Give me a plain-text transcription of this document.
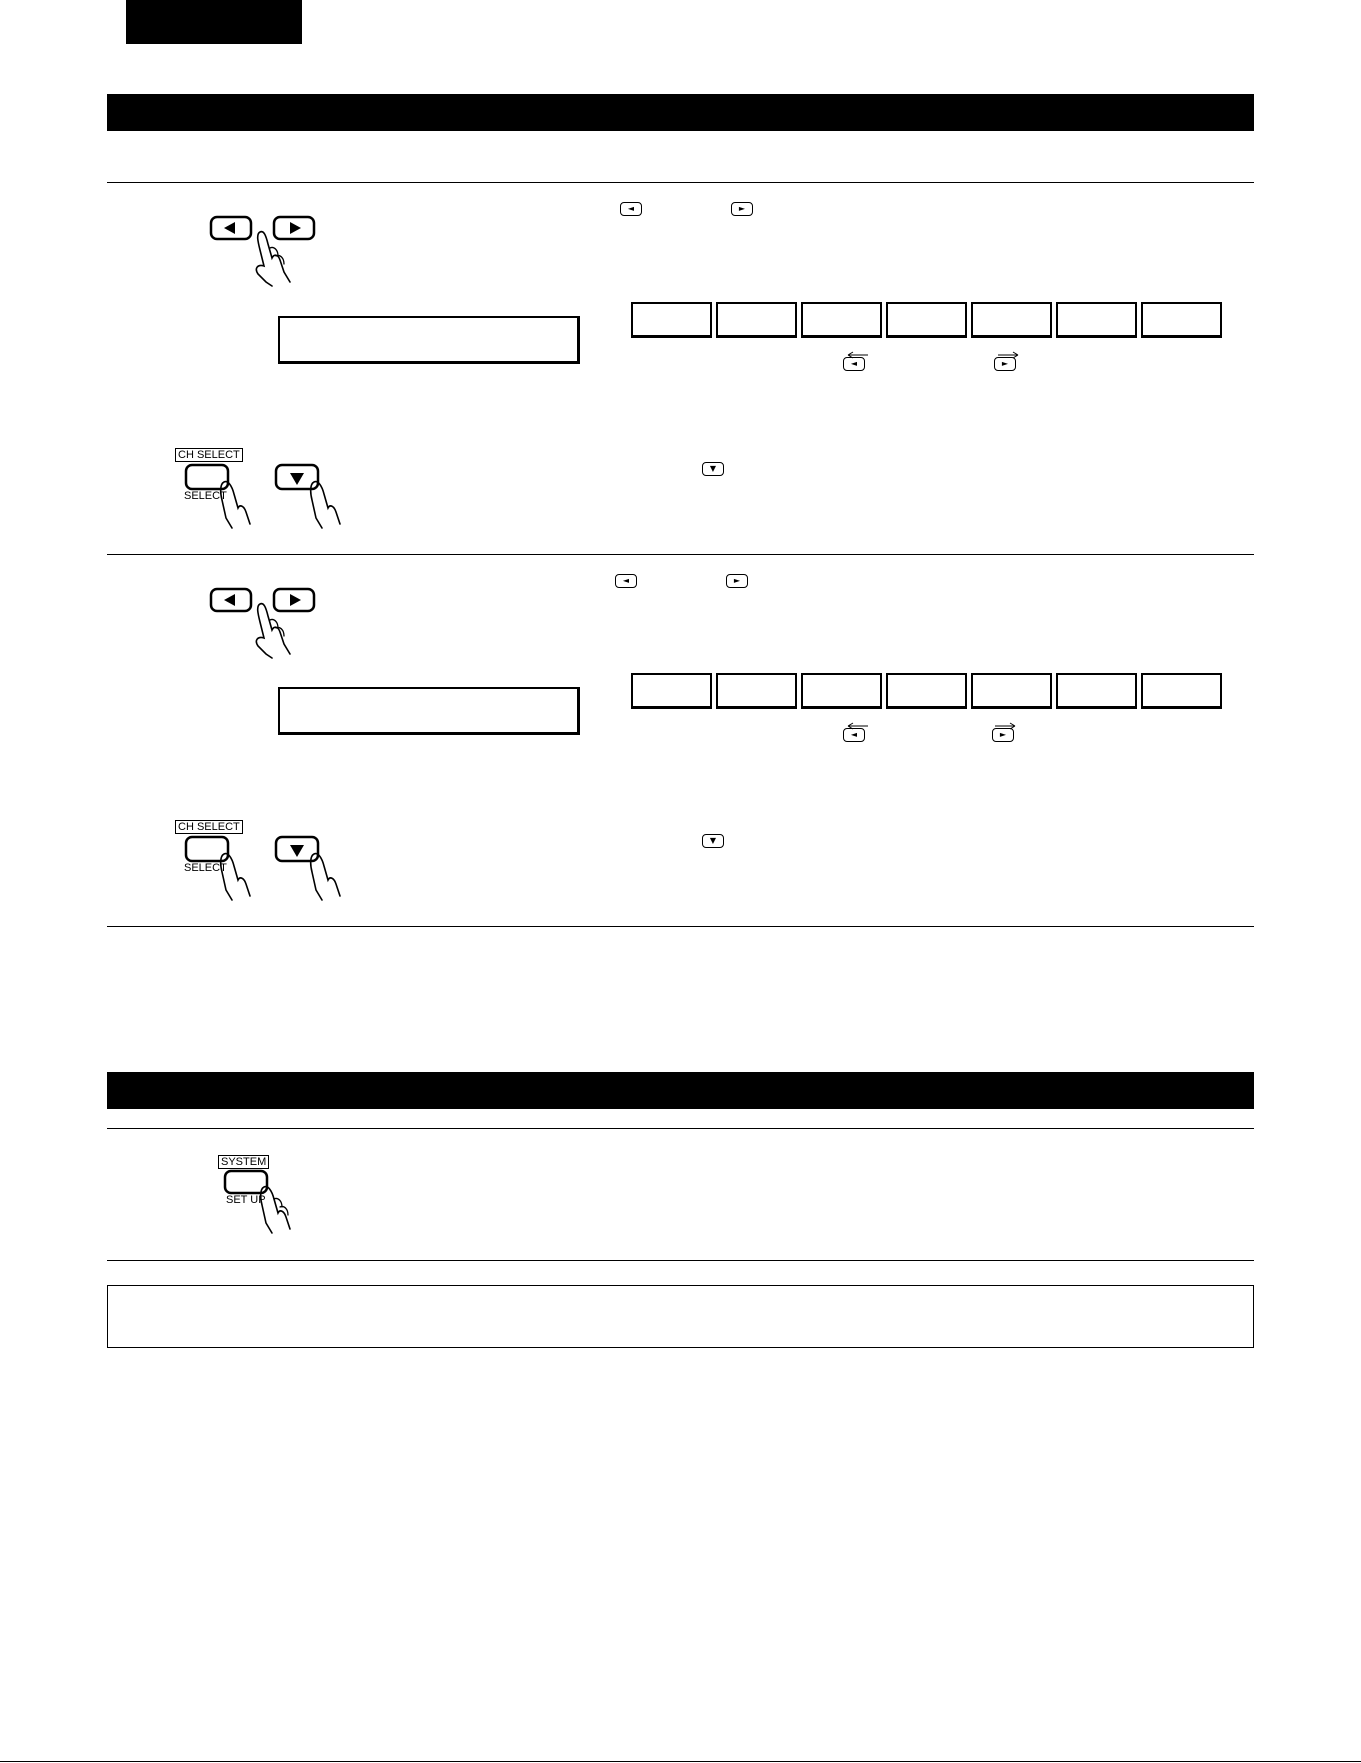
◄	►
◄	►
CH SELECT
SELECT
▼
◄	►
◄	►
CH SELECT
SELECT
▼
SYSTEM
SET UP
